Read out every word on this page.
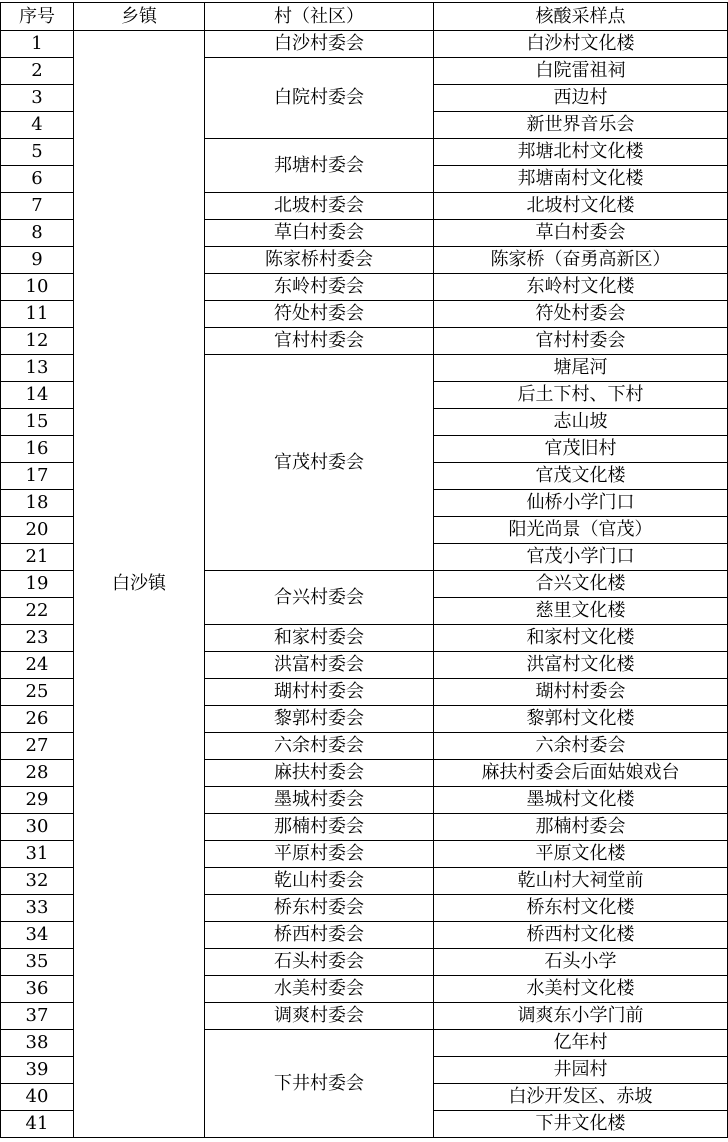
序号	乡镇	村（社区）	核酸采样点
1	白沙镇	白沙村委会	白沙村文化楼
2		白院村委会	白院雷祖祠
3			西边村
4			新世界音乐会
5		邦塘村委会	邦塘北村文化楼
6			邦塘南村文化楼
7		北坡村委会	北坡村文化楼
8		草白村委会	草白村委会
9		陈家桥村委会	陈家桥（奋勇高新区）
10		东岭村委会	东岭村文化楼
11		符处村委会	符处村委会
12		官村村委会	官村村委会
13		官茂村委会	塘尾河
14			后土下村、下村
15			志山坡
16			官茂旧村
17			官茂文化楼
18			仙桥小学门口
20			阳光尚景（官茂）
21			官茂小学门口
19		合兴村委会	合兴文化楼
22			慈里文化楼
23		和家村委会	和家村文化楼
24		洪富村委会	洪富村文化楼
25		瑚村村委会	瑚村村委会
26		黎郭村委会	黎郭村文化楼
27		六余村委会	六余村委会
28		麻扶村委会	麻扶村委会后面姑娘戏台
29		墨城村委会	墨城村文化楼
30		那楠村委会	那楠村委会
31		平原村委会	平原文化楼
32		乾山村委会	乾山村大祠堂前
33		桥东村委会	桥东村文化楼
34		桥西村委会	桥西村文化楼
35		石头村委会	石头小学
36		水美村委会	水美村文化楼
37		调爽村委会	调爽东小学门前
38		下井村委会	亿年村
39			井园村
40			白沙开发区、赤坡
41			下井文化楼
